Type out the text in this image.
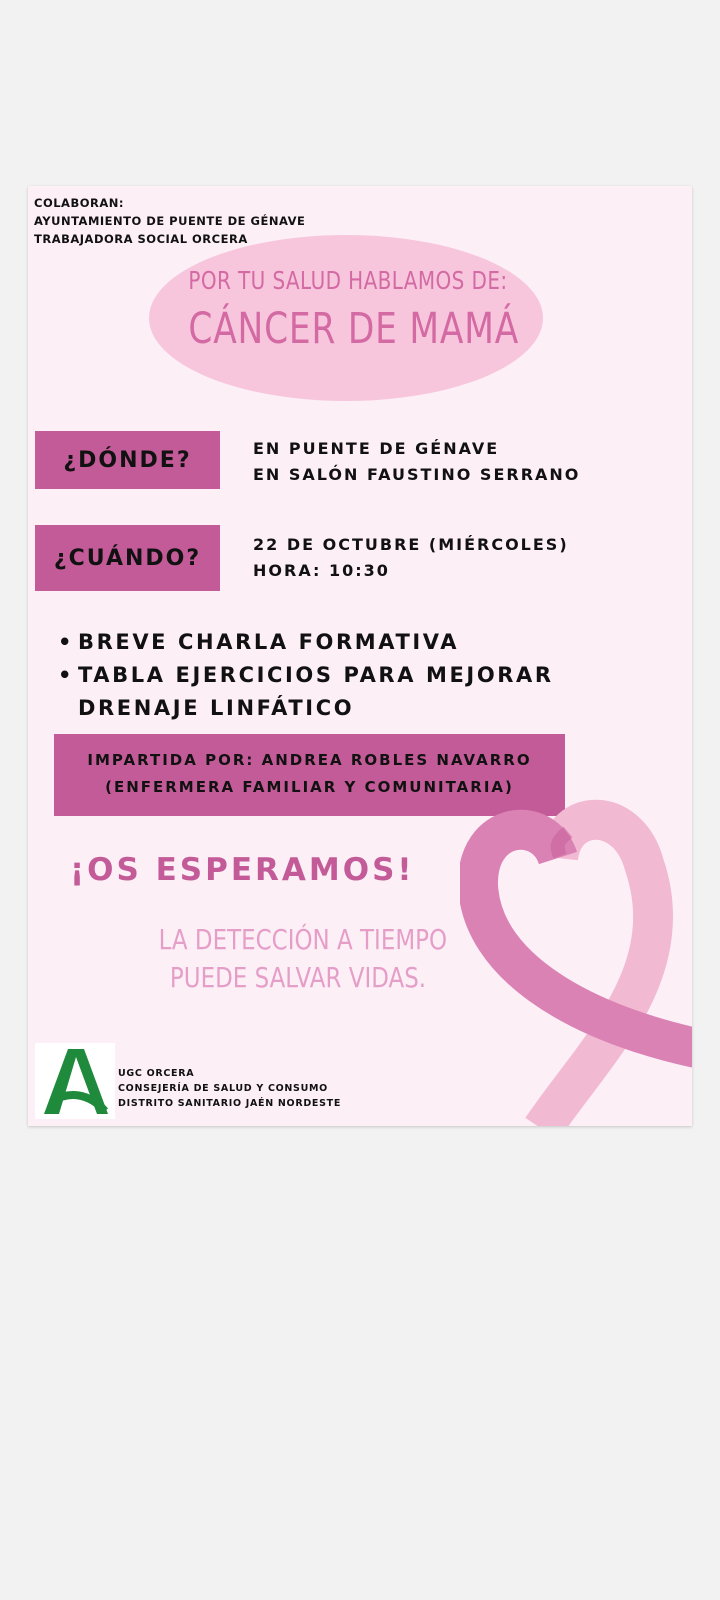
COLABORAN:
AYUNTAMIENTO DE PUENTE DE GÉNAVE
TRABAJADORA SOCIAL ORCERA
POR TU SALUD HABLAMOS DE:
CÁNCER DE MAMÁ
¿DÓNDE?	EN PUENTE DE GÉNAVE
EN SALÓN FAUSTINO SERRANO
¿CUÁNDO?
22 DE OCTUBRE (MIÉRCOLES)
HORA: 10:30
• BREVE CHARLA FORMATIVA
• TABLA EJERCICIOS PARA MEJORAR DRENAJE LINFÁTICO
IMPARTIDA POR: ANDREA ROBLES NAVARRO
(ENFERMERA FAMILIAR Y COMUNITARIA)
¡OS ESPERAMOS!
LA DETECCIÓN A TIEMPO
PUEDE SALVAR VIDAS.
UGC ORCERA
CONSEJERÍA DE SALUD Y CONSUMO
DISTRITO SANITARIO JAÉN NORDESTE
